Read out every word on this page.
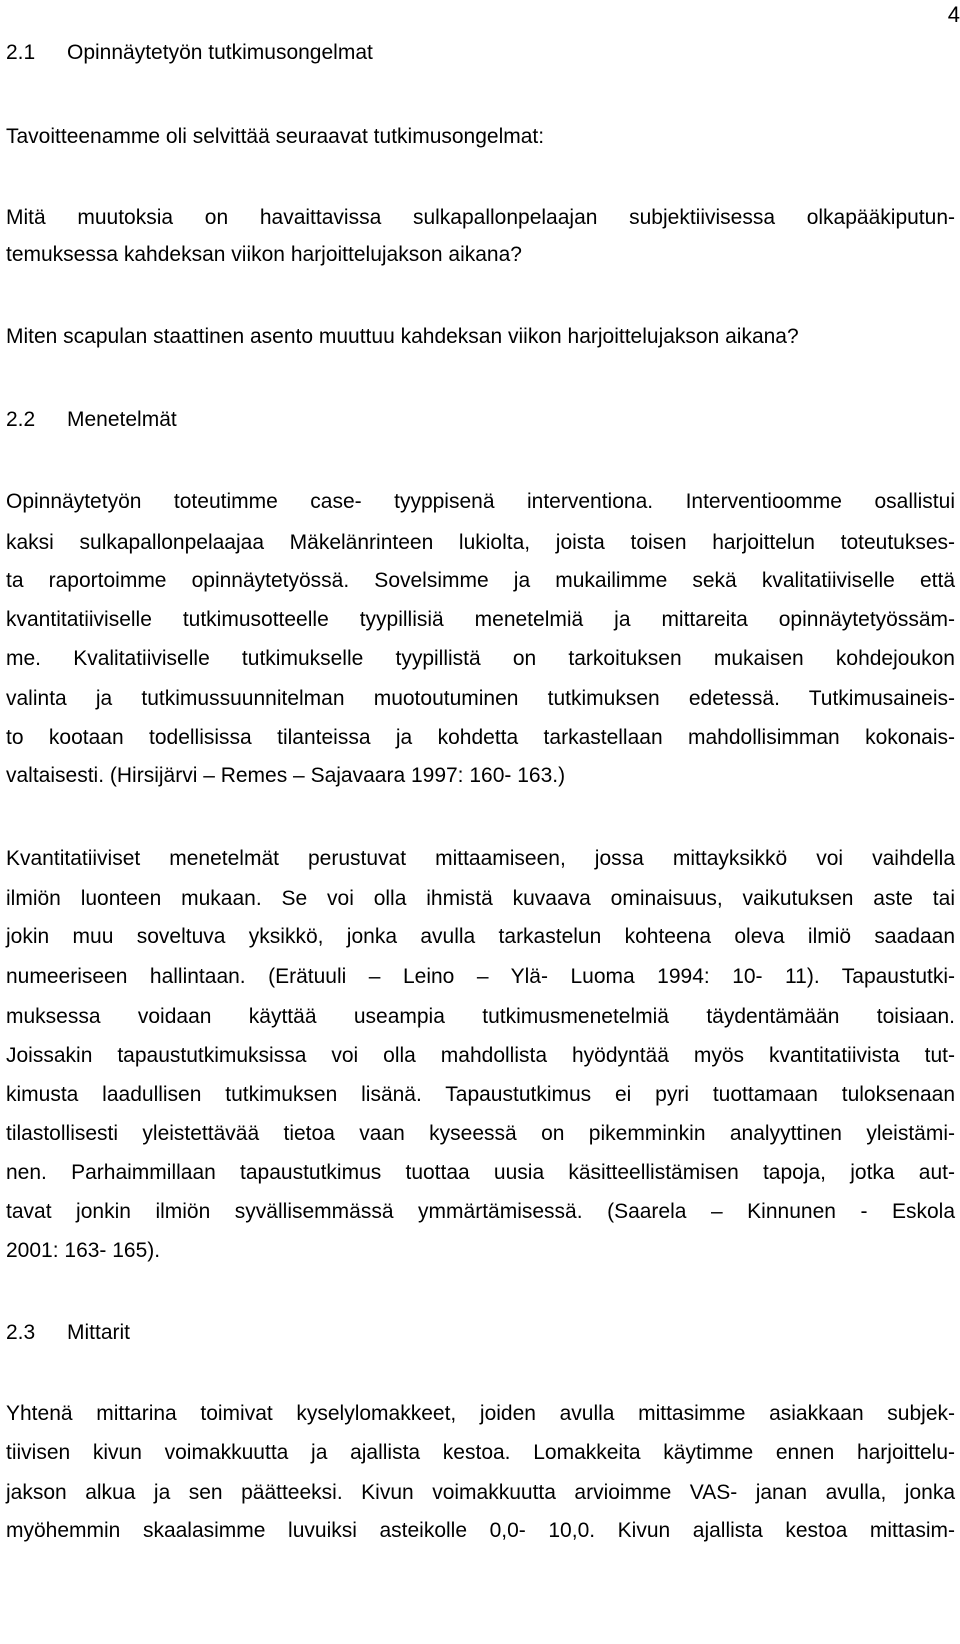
4
2.1 Opinnäytetyön tutkimusongelmat
Tavoitteenamme oli selvittää seuraavat tutkimusongelmat:
Mitä muutoksia on havaittavissa sulkapallonpelaajan subjektiivisessa olkapääkiputun-
temuksessa kahdeksan viikon harjoittelujakson aikana?
Miten scapulan staattinen asento muuttuu kahdeksan viikon harjoittelujakson aikana?
2.2 Menetelmät
Opinnäytetyön toteutimme case- tyyppisenä interventiona. Interventioomme osallistui
kaksi sulkapallonpelaajaa Mäkelänrinteen lukiolta, joista toisen harjoittelun toteutukses-
ta raportoimme opinnäytetyössä. Sovelsimme ja mukailimme sekä kvalitatiiviselle että
kvantitatiiviselle tutkimusotteelle tyypillisiä menetelmiä ja mittareita opinnäytetyössäm-
me. Kvalitatiiviselle tutkimukselle tyypillistä on tarkoituksen mukaisen kohdejoukon
valinta ja tutkimussuunnitelman muotoutuminen tutkimuksen edetessä. Tutkimusaineis-
to kootaan todellisissa tilanteissa ja kohdetta tarkastellaan mahdollisimman kokonais-
valtaisesti. (Hirsijärvi – Remes – Sajavaara 1997: 160- 163.)
Kvantitatiiviset menetelmät perustuvat mittaamiseen, jossa mittayksikkö voi vaihdella
ilmiön luonteen mukaan. Se voi olla ihmistä kuvaava ominaisuus, vaikutuksen aste tai
jokin muu soveltuva yksikkö, jonka avulla tarkastelun kohteena oleva ilmiö saadaan
numeeriseen hallintaan. (Erätuuli – Leino – Ylä- Luoma 1994: 10- 11). Tapaustutki-
muksessa voidaan käyttää useampia tutkimusmenetelmiä täydentämään toisiaan.
Joissakin tapaustutkimuksissa voi olla mahdollista hyödyntää myös kvantitatiivista tut-
kimusta laadullisen tutkimuksen lisänä. Tapaustutkimus ei pyri tuottamaan tuloksenaan
tilastollisesti yleistettävää tietoa vaan kyseessä on pikemminkin analyyttinen yleistämi-
nen. Parhaimmillaan tapaustutkimus tuottaa uusia käsitteellistämisen tapoja, jotka aut-
tavat jonkin ilmiön syvällisemmässä ymmärtämisessä. (Saarela – Kinnunen - Eskola
2001: 163- 165).
2.3 Mittarit
Yhtenä mittarina toimivat kyselylomakkeet, joiden avulla mittasimme asiakkaan subjek-
tiivisen kivun voimakkuutta ja ajallista kestoa. Lomakkeita käytimme ennen harjoittelu-
jakson alkua ja sen päätteeksi. Kivun voimakkuutta arvioimme VAS- janan avulla, jonka
myöhemmin skaalasimme luvuiksi asteikolle 0,0- 10,0. Kivun ajallista kestoa mittasim-
